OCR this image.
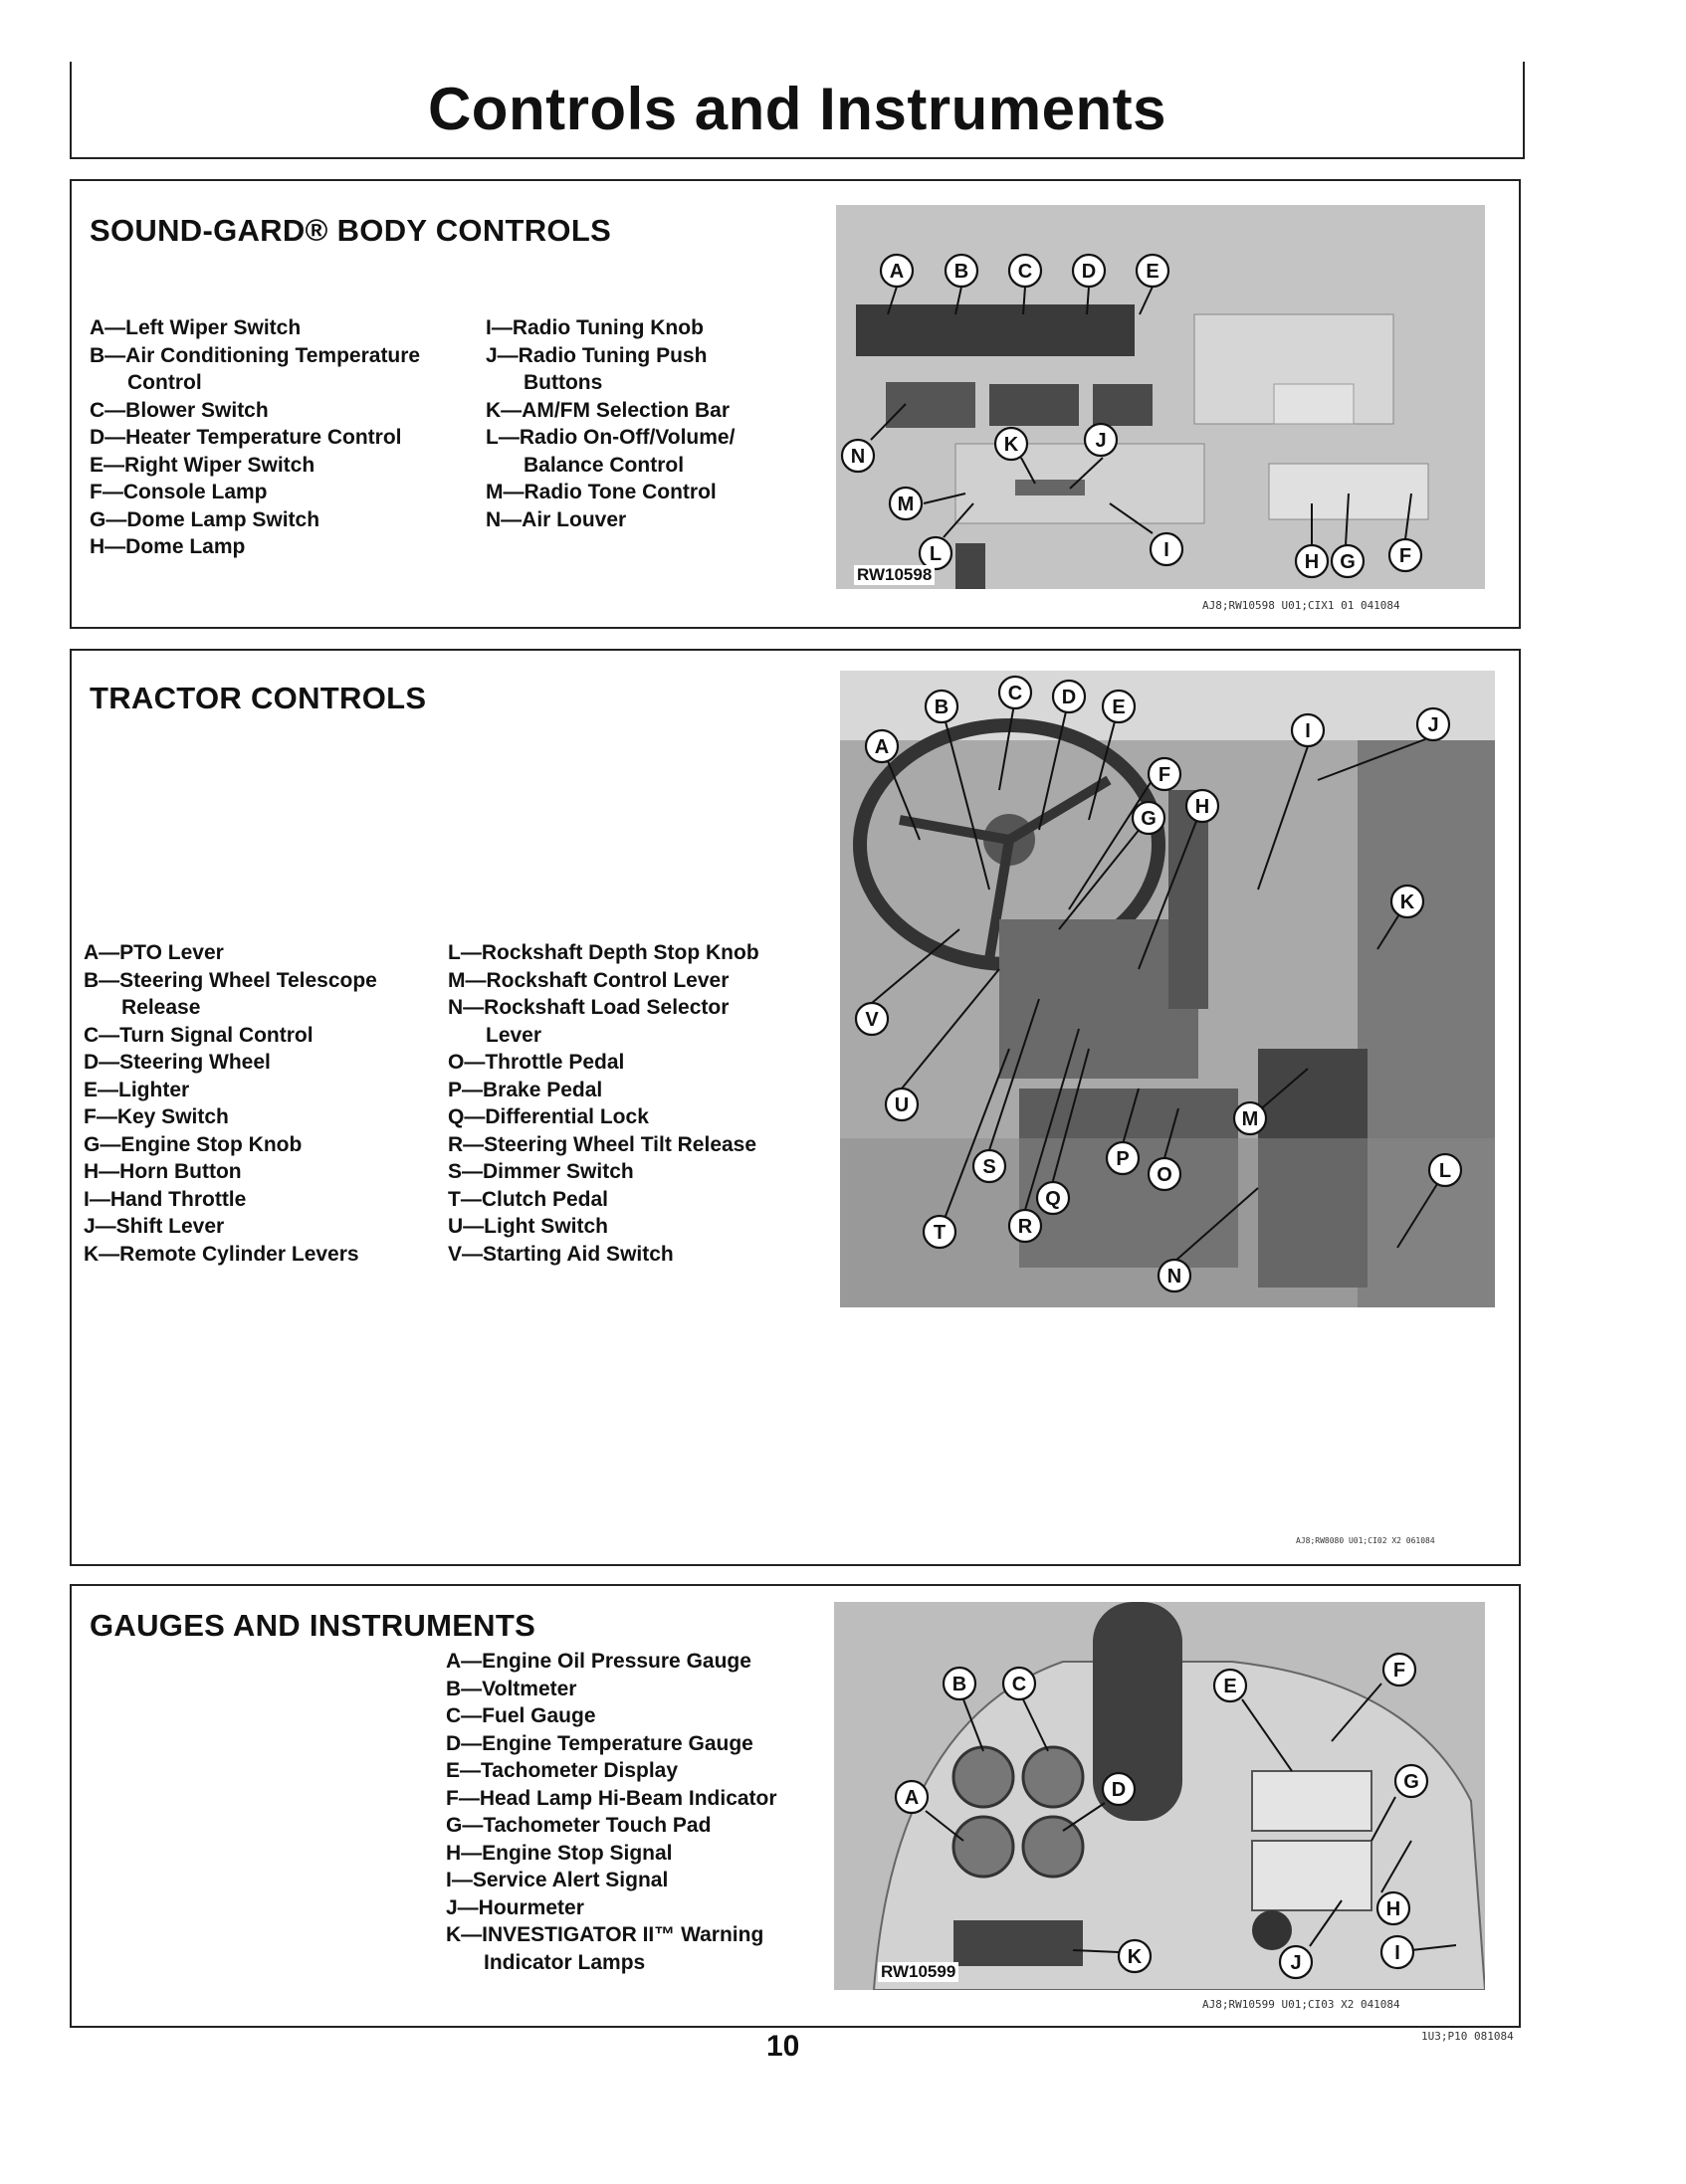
Controls and Instruments
SOUND-GARD® BODY CONTROLS
A—Left Wiper Switch
B—Air Conditioning Temperature
Control
C—Blower Switch
D—Heater Temperature Control
E—Right Wiper Switch
F—Console Lamp
G—Dome Lamp Switch
H—Dome Lamp
I—Radio Tuning Knob
J—Radio Tuning Push
Buttons
K—AM/FM Selection Bar
L—Radio On-Off/Volume/
Balance Control
M—Radio Tone Control
N—Air Louver
A	B C D	E
N
K	J
M
L	I
H G F
RW10598
AJ8;RW10598 U01;CIX1 01 041084
TRACTOR CONTROLS
A—PTO Lever
B—Steering Wheel Telescope
Release
C—Turn Signal Control
D—Steering Wheel
E—Lighter
F—Key Switch
G—Engine Stop Knob
H—Horn Button
I—Hand Throttle
J—Shift Lever
K—Remote Cylinder Levers
L—Rockshaft Depth Stop Knob
M—Rockshaft Control Lever
N—Rockshaft Load Selector
Lever
O—Throttle Pedal
P—Brake Pedal
Q—Differential Lock
R—Steering Wheel Tilt Release
S—Dimmer Switch
T—Clutch Pedal
U—Light Switch
V—Starting Aid Switch
A
B
C D E
F
G
H
I	J
K
V
U
S
R
Q
T
P
O
M
N
L
AJ8;RW8080 U01;CI02 X2 061084
GAUGES AND INSTRUMENTS
A—Engine Oil Pressure Gauge
B—Voltmeter
C—Fuel Gauge
D—Engine Temperature Gauge
E—Tachometer Display
F—Head Lamp Hi-Beam Indicator
G—Tachometer Touch Pad
H—Engine Stop Signal
I—Service Alert Signal
J—Hourmeter
K—INVESTIGATOR II™ Warning
Indicator Lamps
B C
F
E
A	D	G
H
J	I
K
RW10599
AJ8;RW10599 U01;CI03 X2 041084
10	1U3;P10 081084
